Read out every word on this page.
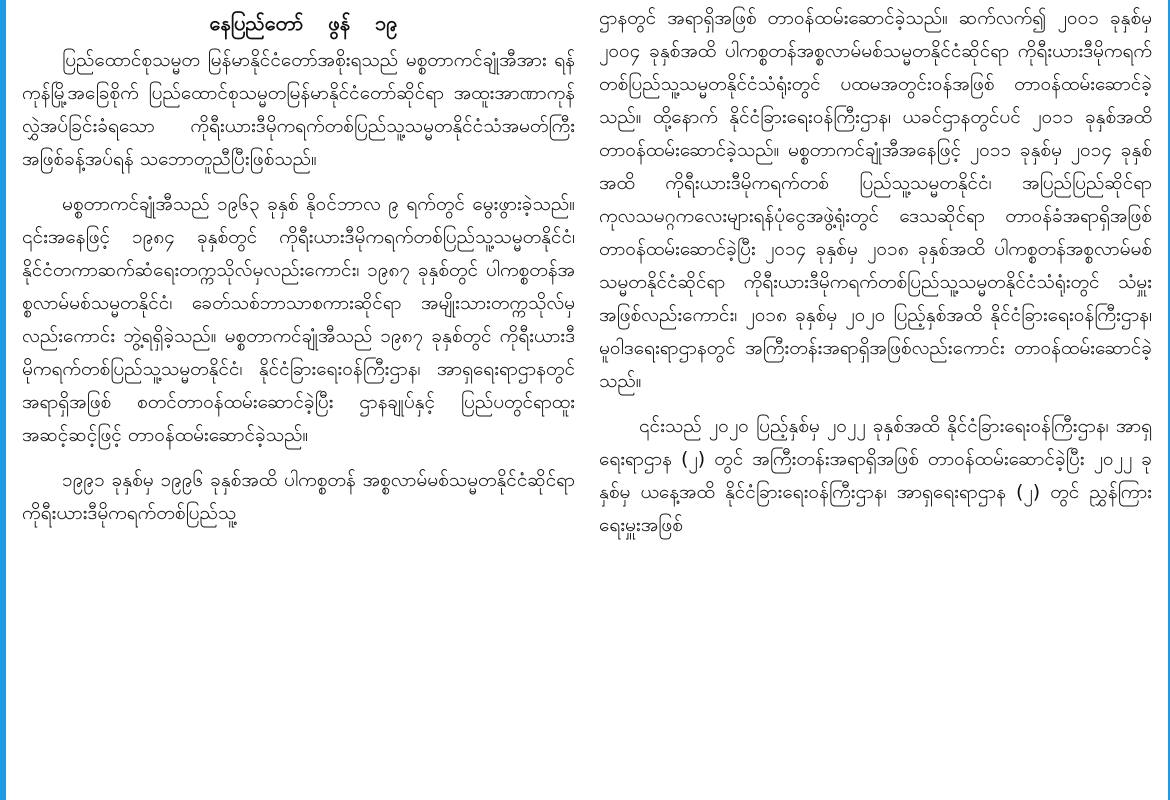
နေပြည်တော် ဖွန် ၁၉

ပြည်ထောင်စုသမ္မတ မြန်မာနိုင်ငံတော်အစိုးရသည် မစ္စတာကင်ချုံအီအား ရန်ကုန်မြို့အခြေစိုက် ပြည်ထောင်စုသမ္မတမြန်မာနိုင်ငံတော်ဆိုင်ရာ အထူးအာဏာကုန် လွှဲအပ်ခြင်းခံရသော ကိုရီးယားဒီမိုကရက်တစ်ပြည်သူ့သမ္မတနိုင်ငံသံအမတ်ကြီးအဖြစ်ခန့်အပ်ရန် သဘောတူညီပြီးဖြစ်သည်။

မစ္စတာကင်ချုံအီသည် ၁၉၆၃ ခုနှစ် နိုဝင်ဘာလ ၉ ရက်တွင် မွေးဖွားခဲ့သည်။ ၎င်းအနေဖြင့် ၁၉၈၄ ခုနှစ်တွင် ကိုရီးယားဒီမိုကရက်တစ်ပြည်သူ့သမ္မတနိုင်ငံ၊ နိုင်ငံတကာဆက်ဆံရေးတက္ကသိုလ်မှလည်းကောင်း၊ ၁၉၈၇ ခုနှစ်တွင် ပါကစ္စတန်အစ္စလာမ်မစ်သမ္မတနိုင်ငံ၊ ခေတ်သစ်ဘာသာစကားဆိုင်ရာ အမျိုးသားတက္ကသိုလ်မှလည်းကောင်း ဘွဲ့ရရှိခဲ့သည်။ မစ္စတာကင်ချုံအီသည် ၁၉၈၇ ခုနှစ်တွင် ကိုရီးယားဒီမိုကရက်တစ်ပြည်သူ့သမ္မတနိုင်ငံ၊ နိုင်ငံခြားရေးဝန်ကြီးဌာန၊ အာရှရေးရာဌာနတွင် အရာရှိအဖြစ် စတင်တာဝန်ထမ်းဆောင်ခဲ့ပြီး ဌာနချုပ်နှင့် ပြည်ပတွင်ရာထူး အဆင့်ဆင့်ဖြင့် တာဝန်ထမ်းဆောင်ခဲ့သည်။

၁၉၉၁ ခုနှစ်မှ ၁၉၉၆ ခုနှစ်အထိ ပါကစ္စတန် အစ္စလာမ်မစ်သမ္မတနိုင်ငံဆိုင်ရာ ကိုရီးယားဒီမိုကရက်တစ်ပြည်သူ့

ဌာနတွင် အရာရှိအဖြစ် တာဝန်ထမ်းဆောင်ခဲ့သည်။ ဆက်လက်၍ ၂၀၀၁ ခုနှစ်မှ ၂၀၀၄ ခုနှစ်အထိ ပါကစ္စတန်အစ္စလာမ်မစ်သမ္မတနိုင်ငံဆိုင်ရာ ကိုရီးယားဒီမိုကရက်တစ်ပြည်သူ့သမ္မတနိုင်ငံသံရုံးတွင် ပထမအတွင်းဝန်အဖြစ် တာဝန်ထမ်းဆောင်ခဲ့သည်။ ထို့နောက် နိုင်ငံခြားရေးဝန်ကြီးဌာန၊ ယခင်ဌာနတွင်ပင် ၂၀၁၁ ခုနှစ်အထိ တာဝန်ထမ်းဆောင်ခဲ့သည်။ မစ္စတာကင်ချုံအီအနေဖြင့် ၂၀၁၁ ခုနှစ်မှ ၂၀၁၄ ခုနှစ်အထိ ကိုရီးယားဒီမိုကရက်တစ် ပြည်သူ့သမ္မတနိုင်ငံ၊ အပြည်ပြည်ဆိုင်ရာ ကုလသမဂ္ဂကလေးများရန်ပုံငွေအဖွဲ့ရုံးတွင် ဒေသဆိုင်ရာ တာဝန်ခံအရာရှိအဖြစ် တာဝန်ထမ်းဆောင်ခဲ့ပြီး ၂၀၁၄ ခုနှစ်မှ ၂၀၁၈ ခုနှစ်အထိ ပါကစ္စတန်အစ္စလာမ်မစ်သမ္မတနိုင်ငံဆိုင်ရာ ကိုရီးယားဒီမိုကရက်တစ်ပြည်သူ့သမ္မတနိုင်ငံသံရုံးတွင် သံမှူးအဖြစ်လည်းကောင်း၊ ၂၀၁၈ ခုနှစ်မှ ၂၀၂၀ ပြည့်နှစ်အထိ နိုင်ငံခြားရေးဝန်ကြီးဌာန၊ မူဝါဒရေးရာဌာနတွင် အကြီးတန်းအရာရှိအဖြစ်လည်းကောင်း တာဝန်ထမ်းဆောင်ခဲ့သည်။

၎င်းသည် ၂၀၂၀ ပြည့်နှစ်မှ ၂၀၂၂ ခုနှစ်အထိ နိုင်ငံခြားရေးဝန်ကြီးဌာန၊ အာရှရေးရာဌာန (၂) တွင် အကြီးတန်းအရာရှိအဖြစ် တာဝန်ထမ်းဆောင်ခဲ့ပြီး ၂၀၂၂ ခုနှစ်မှ ယနေ့အထိ နိုင်ငံခြားရေးဝန်ကြီးဌာန၊ အာရှရေးရာဌာန (၂) တွင် ညွှန်ကြားရေးမှူးအဖြစ်
